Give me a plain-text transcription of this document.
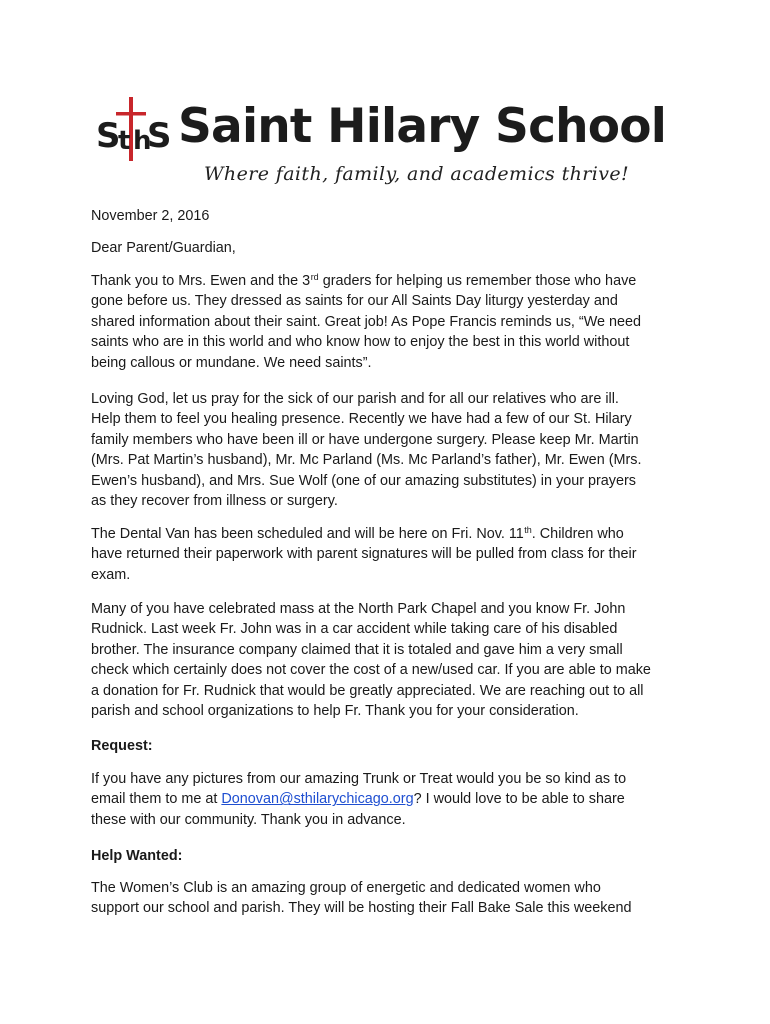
S
t h
S Saint Hilary School
Where faith, family, and academics thrive!
November 2, 2016
Dear Parent/Guardian,

Thank you to Mrs. Ewen and the 3rd graders for helping us remember those who have

gone before us. They dressed as saints for our All Saints Day liturgy yesterday and

shared information about their saint. Great job! As Pope Francis reminds us, “We need

saints who are in this world and who know how to enjoy the best in this world without

being callous or mundane. We need saints”.

Loving God, let us pray for the sick of our parish and for all our relatives who are ill.

Help them to feel you healing presence. Recently we have had a few of our St. Hilary

family members who have been ill or have undergone surgery. Please keep Mr. Martin

(Mrs. Pat Martin’s husband), Mr. Mc Parland (Ms. Mc Parland’s father), Mr. Ewen (Mrs.

Ewen’s husband), and Mrs. Sue Wolf (one of our amazing substitutes) in your prayers

as they recover from illness or surgery.

The Dental Van has been scheduled and will be here on Fri. Nov. 11th. Children who

have returned their paperwork with parent signatures will be pulled from class for their

exam.

Many of you have celebrated mass at the North Park Chapel and you know Fr. John

Rudnick. Last week Fr. John was in a car accident while taking care of his disabled

brother. The insurance company claimed that it is totaled and gave him a very small

check which certainly does not cover the cost of a new/used car. If you are able to make

a donation for Fr. Rudnick that would be greatly appreciated. We are reaching out to all

parish and school organizations to help Fr. Thank you for your consideration.

Request:

If you have any pictures from our amazing Trunk or Treat would you be so kind as to

email them to me at Donovan@sthilarychicago.org? I would love to be able to share

these with our community. Thank you in advance.

Help Wanted:

The Women’s Club is an amazing group of energetic and dedicated women who

support our school and parish. They will be hosting their Fall Bake Sale this weekend
